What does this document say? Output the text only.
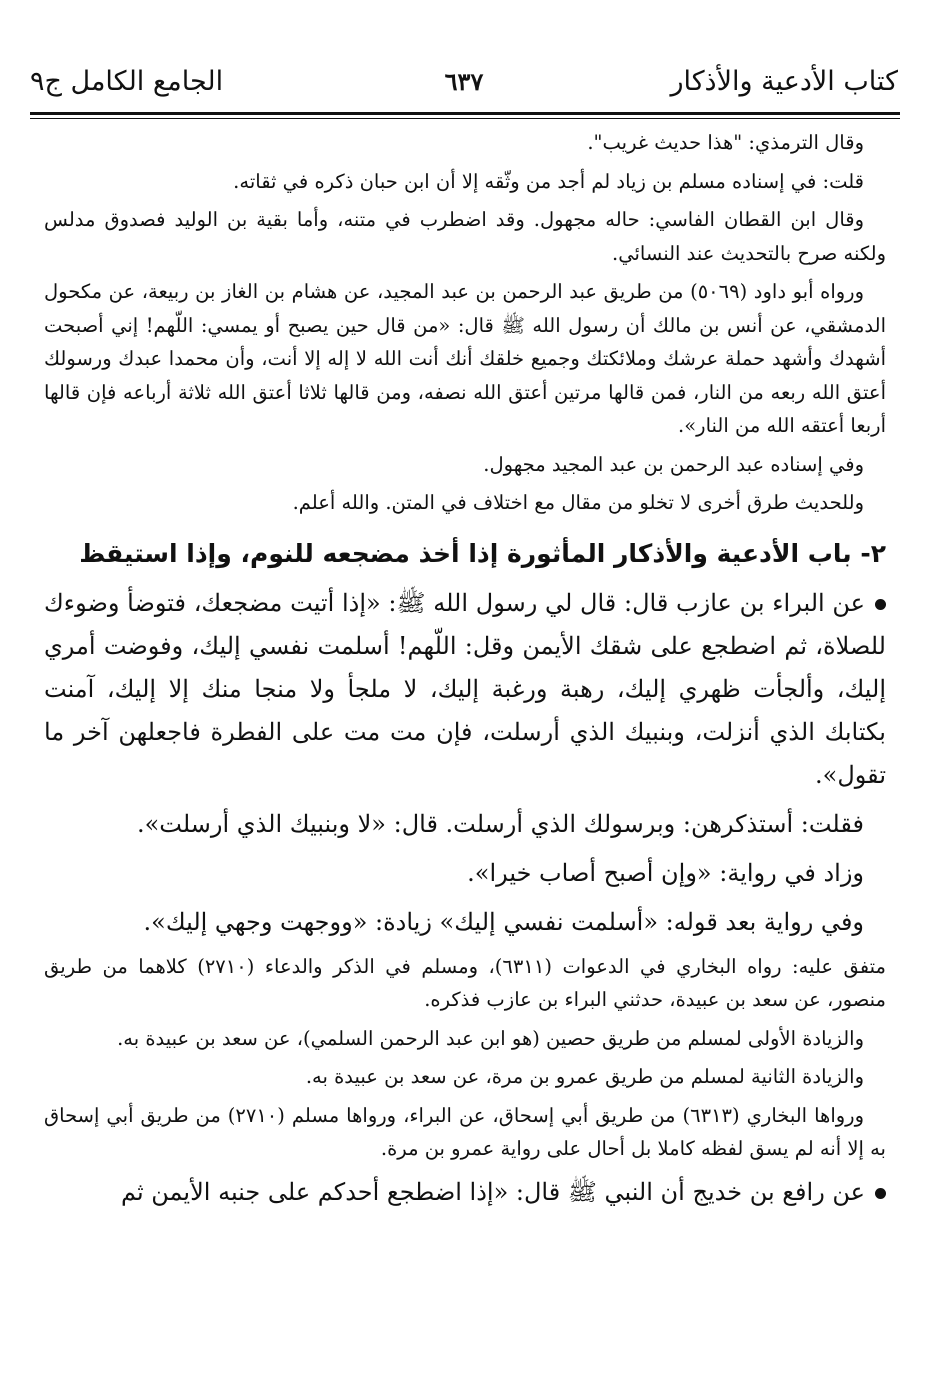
كتاب الأدعية والأذكار
٦٣٧
الجامع الكامل ج٩

وقال الترمذي: "هذا حديث غريب".

قلت: في إسناده مسلم بن زياد لم أجد من وثّقه إلا أن ابن حبان ذكره في ثقاته.

وقال ابن القطان الفاسي: حاله مجهول. وقد اضطرب في متنه، وأما بقية بن الوليد فصدوق مدلس ولكنه صرح بالتحديث عند النسائي.

ورواه أبو داود (٥٠٦٩) من طريق عبد الرحمن بن عبد المجيد، عن هشام بن الغاز بن ربيعة، عن مكحول الدمشقي، عن أنس بن مالك أن رسول الله ﷺ قال: «من قال حين يصبح أو يمسي: اللّهم! إني أصبحت أشهدك وأشهد حملة عرشك وملائكتك وجميع خلقك أنك أنت الله لا إله إلا أنت، وأن محمدا عبدك ورسولك أعتق الله ربعه من النار، فمن قالها مرتين أعتق الله نصفه، ومن قالها ثلاثا أعتق الله ثلاثة أرباعه فإن قالها أربعا أعتقه الله من النار».

وفي إسناده عبد الرحمن بن عبد المجيد مجهول.

وللحديث طرق أخرى لا تخلو من مقال مع اختلاف في المتن. والله أعلم.

٢- باب الأدعية والأذكار المأثورة إذا أخذ مضجعه للنوم، وإذا استيقظ

عن البراء بن عازب قال: قال لي رسول الله ﷺ: «إذا أتيت مضجعك، فتوضأ وضوءك للصلاة، ثم اضطجع على شقك الأيمن وقل: اللّهم! أسلمت نفسي إليك، وفوضت أمري إليك، وألجأت ظهري إليك، رهبة ورغبة إليك، لا ملجأ ولا منجا منك إلا إليك، آمنت بكتابك الذي أنزلت، وبنبيك الذي أرسلت، فإن مت مت على الفطرة فاجعلهن آخر ما تقول».

فقلت: أستذكرهن: وبرسولك الذي أرسلت. قال: «لا وبنبيك الذي أرسلت».

وزاد في رواية: «وإن أصبح أصاب خيرا».

وفي رواية بعد قوله: «أسلمت نفسي إليك» زيادة: «ووجهت وجهي إليك».

متفق عليه: رواه البخاري في الدعوات (٦٣١١)، ومسلم في الذكر والدعاء (٢٧١٠) كلاهما من طريق منصور، عن سعد بن عبيدة، حدثني البراء بن عازب فذكره.

والزيادة الأولى لمسلم من طريق حصين (هو ابن عبد الرحمن السلمي)، عن سعد بن عبيدة به.

والزيادة الثانية لمسلم من طريق عمرو بن مرة، عن سعد بن عبيدة به.

ورواها البخاري (٦٣١٣) من طريق أبي إسحاق، عن البراء، ورواها مسلم (٢٧١٠) من طريق أبي إسحاق به إلا أنه لم يسق لفظه كاملا بل أحال على رواية عمرو بن مرة.

عن رافع بن خديج أن النبي ﷺ قال: «إذا اضطجع أحدكم على جنبه الأيمن ثم
